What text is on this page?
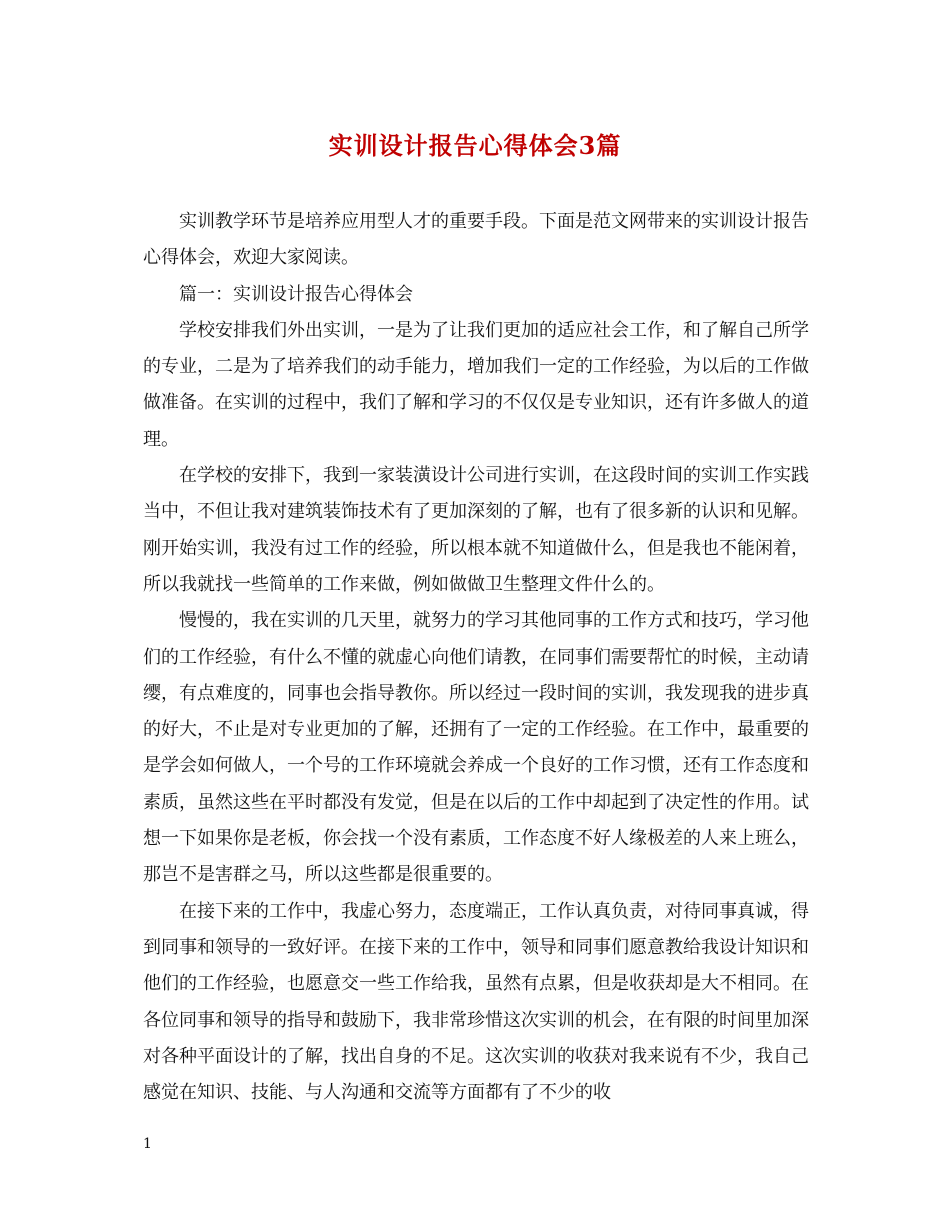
实训设计报告心得体会3篇

实训教学环节是培养应用型人才的重要手段。下面是范文网带来的实训设计报告心得体会，欢迎大家阅读。

篇一：实训设计报告心得体会

学校安排我们外出实训，一是为了让我们更加的适应社会工作，和了解自己所学的专业，二是为了培养我们的动手能力，增加我们一定的工作经验，为以后的工作做做准备。在实训的过程中，我们了解和学习的不仅仅是专业知识，还有许多做人的道理。

在学校的安排下，我到一家装潢设计公司进行实训，在这段时间的实训工作实践当中，不但让我对建筑装饰技术有了更加深刻的了解，也有了很多新的认识和见解。刚开始实训，我没有过工作的经验，所以根本就不知道做什么，但是我也不能闲着，所以我就找一些简单的工作来做，例如做做卫生整理文件什么的。

慢慢的，我在实训的几天里，就努力的学习其他同事的工作方式和技巧，学习他们的工作经验，有什么不懂的就虚心向他们请教，在同事们需要帮忙的时候，主动请缨，有点难度的，同事也会指导教你。所以经过一段时间的实训，我发现我的进步真的好大，不止是对专业更加的了解，还拥有了一定的工作经验。在工作中，最重要的是学会如何做人，一个号的工作环境就会养成一个良好的工作习惯，还有工作态度和素质，虽然这些在平时都没有发觉，但是在以后的工作中却起到了决定性的作用。试想一下如果你是老板，你会找一个没有素质，工作态度不好人缘极差的人来上班么，那岂不是害群之马，所以这些都是很重要的。

在接下来的工作中，我虚心努力，态度端正，工作认真负责，对待同事真诚，得到同事和领导的一致好评。在接下来的工作中，领导和同事们愿意教给我设计知识和他们的工作经验，也愿意交一些工作给我，虽然有点累，但是收获却是大不相同。在各位同事和领导的指导和鼓励下，我非常珍惜这次实训的机会，在有限的时间里加深对各种平面设计的了解，找出自身的不足。这次实训的收获对我来说有不少，我自己感觉在知识、技能、与人沟通和交流等方面都有了不少的收

1
